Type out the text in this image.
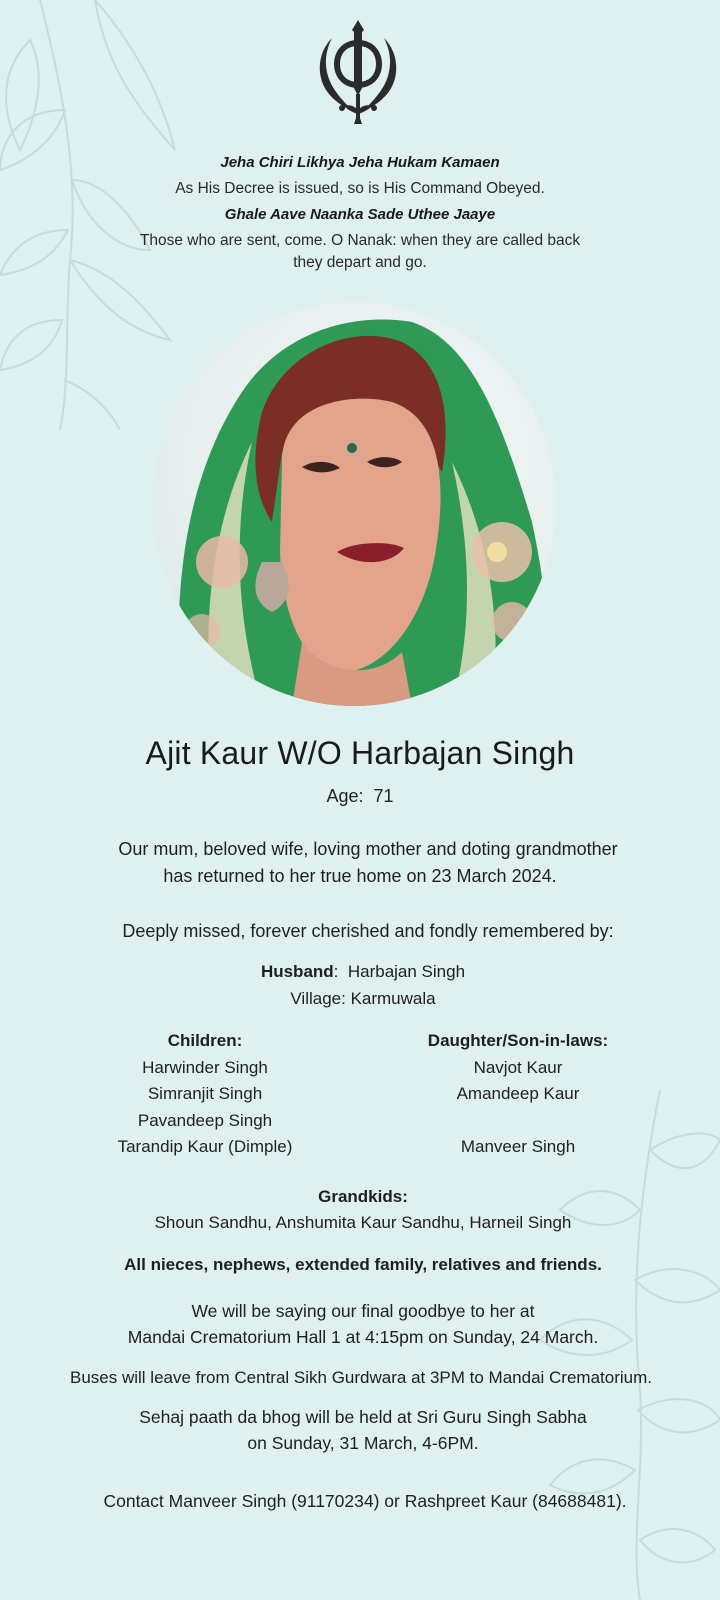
Jeha Chiri Likhya Jeha Hukam Kamaen
As His Decree is issued, so is His Command Obeyed.
Ghale Aave Naanka Sade Uthee Jaaye
Those who are sent, come. O Nanak: when they are called back
they depart and go.
Ajit Kaur W/O Harbajan Singh
Age: 71
Our mum, beloved wife, loving mother and doting grandmother
has returned to her true home on 23 March 2024.
Deeply missed, forever cherished and fondly remembered by:
Husband:  Harbajan Singh
Village: Karmuwala
Children:
Harwinder Singh
Simranjit Singh
Pavandeep Singh
Tarandip Kaur (Dimple)
Daughter/Son-in-laws:
Navjot Kaur
Amandeep Kaur
Manveer Singh
Grandkids:
Shoun Sandhu, Anshumita Kaur Sandhu, Harneil Singh
All nieces, nephews, extended family, relatives and friends.
We will be saying our final goodbye to her at
Mandai Crematorium Hall 1 at 4:15pm on Sunday, 24 March.
Buses will leave from Central Sikh Gurdwara at 3PM to Mandai Crematorium.
Sehaj paath da bhog will be held at Sri Guru Singh Sabha
on Sunday, 31 March, 4-6PM.
Contact Manveer Singh (91170234) or Rashpreet Kaur (84688481).
